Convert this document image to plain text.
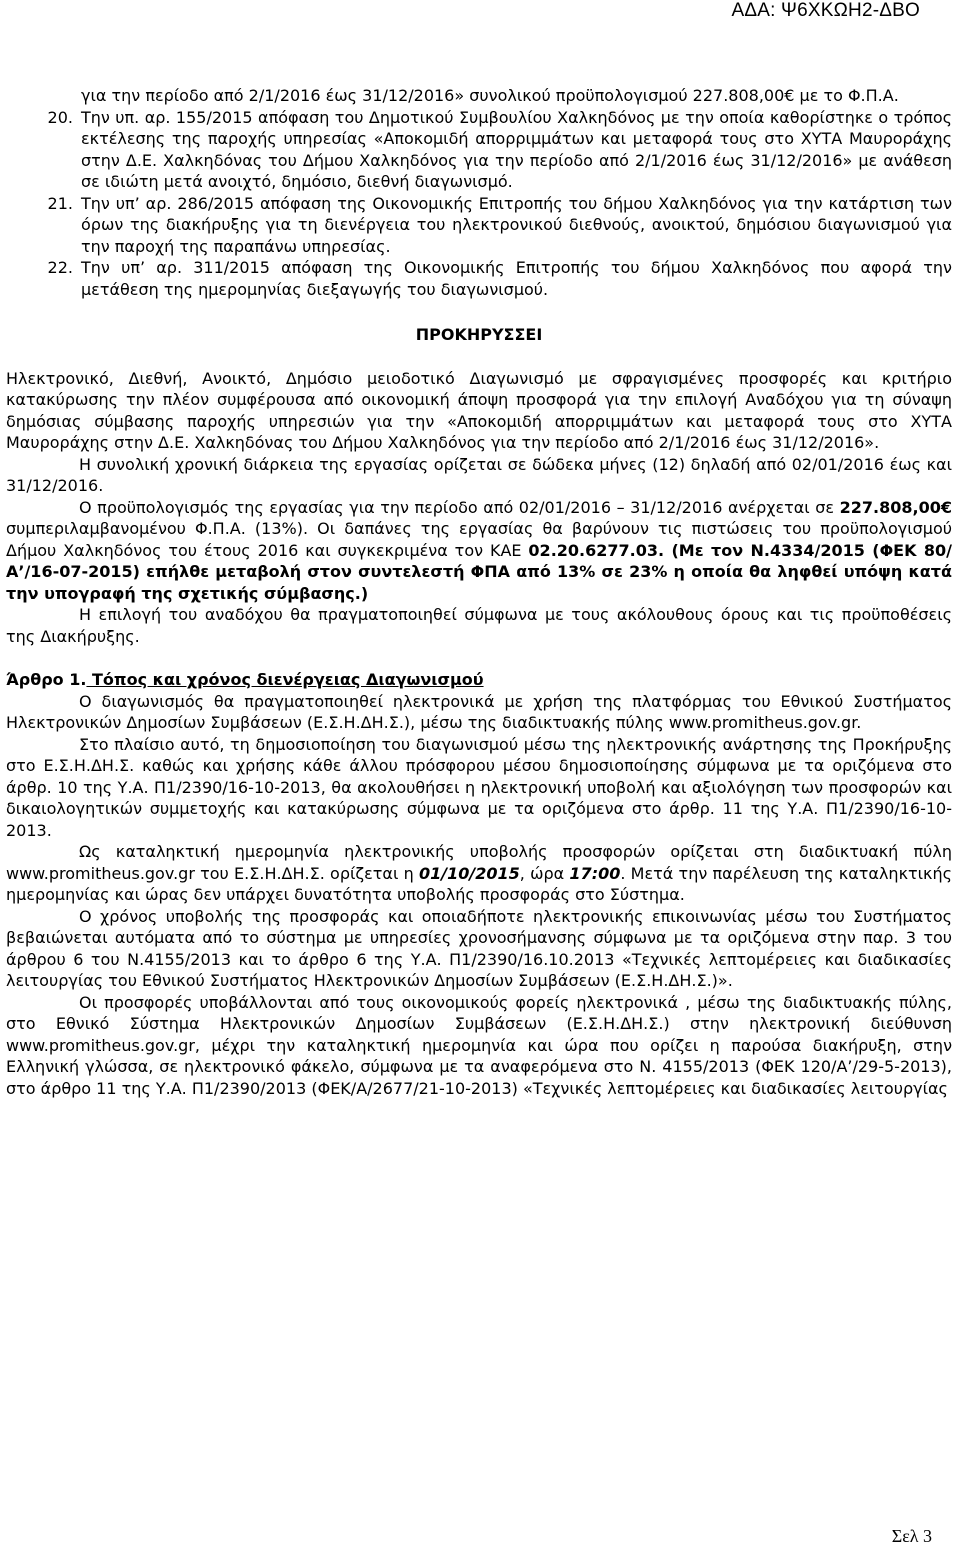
ΑΔΑ: Ψ6ΧΚΩΗ2-ΔΒΟ
για την περίοδο από 2/1/2016 έως 31/12/2016» συνολικού προϋπολογισμού 227.808,00€ με το Φ.Π.Α.
20. Την υπ. αρ. 155/2015 απόφαση του Δημοτικού Συμβουλίου Χαλκηδόνος με την οποία καθορίστηκε ο τρόπος εκτέλεσης της παροχής υπηρεσίας «Αποκομιδή απορριμμάτων και μεταφορά τους στο ΧΥΤΑ Μαυροράχης στην Δ.Ε. Χαλκηδόνας του Δήμου Χαλκηδόνος για την περίοδο από 2/1/2016 έως 31/12/2016» με ανάθεση σε ιδιώτη μετά ανοιχτό, δημόσιο, διεθνή διαγωνισμό.
21. Την υπ’ αρ. 286/2015 απόφαση της Οικονομικής Επιτροπής του δήμου Χαλκηδόνος για την κατάρτιση των όρων της διακήρυξης για τη διενέργεια του ηλεκτρονικού διεθνούς, ανοικτού, δημόσιου διαγωνισμού για την παροχή της παραπάνω υπηρεσίας.
22. Την υπ’ αρ. 311/2015 απόφαση της Οικονομικής Επιτροπής του δήμου Χαλκηδόνος που αφορά την μετάθεση της ημερομηνίας διεξαγωγής του διαγωνισμού.
ΠΡΟΚΗΡΥΣΣΕΙ

Ηλεκτρονικό, Διεθνή, Ανοικτό, Δημόσιο μειοδοτικό Διαγωνισμό με σφραγισμένες προσφορές και κριτήριο κατακύρωσης την πλέον συμφέρουσα από οικονομική άποψη προσφορά για την επιλογή Αναδόχου για τη σύναψη δημόσιας σύμβασης παροχής υπηρεσιών για την «Αποκομιδή απορριμμάτων και μεταφορά τους στο ΧΥΤΑ Μαυροράχης στην Δ.Ε. Χαλκηδόνας του Δήμου Χαλκηδόνος για την περίοδο από 2/1/2016 έως 31/12/2016».

Η συνολική χρονική διάρκεια της εργασίας ορίζεται σε δώδεκα μήνες (12) δηλαδή από 02/01/2016 έως και 31/12/2016.

Ο προϋπολογισμός της εργασίας για την περίοδο από 02/01/2016 – 31/12/2016 ανέρχεται σε 227.808,00€ συμπεριλαμβανομένου Φ.Π.Α. (13%). Οι δαπάνες της εργασίας θα βαρύνουν τις πιστώσεις του προϋπολογισμού Δήμου Χαλκηδόνος του έτους 2016 και συγκεκριμένα τον ΚΑΕ 02.20.6277.03. (Με τον Ν.4334/2015 (ΦΕΚ 80/Α’/16-07-2015) επήλθε μεταβολή στον συντελεστή ΦΠΑ από 13% σε 23% η οποία θα ληφθεί υπόψη κατά την υπογραφή της σχετικής σύμβασης.)

Η επιλογή του αναδόχου θα πραγματοποιηθεί σύμφωνα με τους ακόλουθους όρους και τις προϋποθέσεις της Διακήρυξης.

Άρθρο 1. Τόπος και χρόνος διενέργειας Διαγωνισμού

Ο διαγωνισμός θα πραγματοποιηθεί ηλεκτρονικά με χρήση της πλατφόρμας του Εθνικού Συστήματος Ηλεκτρονικών Δημοσίων Συμβάσεων (Ε.Σ.Η.ΔΗ.Σ.), μέσω της διαδικτυακής πύλης www.promitheus.gov.gr.

Στο πλαίσιο αυτό, τη δημοσιοποίηση του διαγωνισμού μέσω της ηλεκτρονικής ανάρτησης της Προκήρυξης στο Ε.Σ.Η.ΔΗ.Σ. καθώς και χρήσης κάθε άλλου πρόσφορου μέσου δημοσιοποίησης σύμφωνα με τα οριζόμενα στο άρθρ. 10 της Υ.Α. Π1/2390/16-10-2013, θα ακολουθήσει η ηλεκτρονική υποβολή και αξιολόγηση των προσφορών και δικαιολογητικών συμμετοχής και κατακύρωσης σύμφωνα με τα οριζόμενα στο άρθρ. 11 της Υ.Α. Π1/2390/16-10-2013.

Ως καταληκτική ημερομηνία ηλεκτρονικής υποβολής προσφορών ορίζεται στη διαδικτυακή πύλη www.promitheus.gov.gr του Ε.Σ.Η.ΔΗ.Σ. ορίζεται η 01/10/2015, ώρα 17:00. Μετά την παρέλευση της καταληκτικής ημερομηνίας και ώρας δεν υπάρχει δυνατότητα υποβολής προσφοράς στο Σύστημα.

Ο χρόνος υποβολής της προσφοράς και οποιαδήποτε ηλεκτρονικής επικοινωνίας μέσω του Συστήματος βεβαιώνεται αυτόματα από το σύστημα με υπηρεσίες χρονοσήμανσης σύμφωνα με τα οριζόμενα στην παρ. 3 του άρθρου 6 του Ν.4155/2013 και το άρθρο 6 της Υ.Α. Π1/2390/16.10.2013 «Τεχνικές λεπτομέρειες και διαδικασίες λειτουργίας του Εθνικού Συστήματος Ηλεκτρονικών Δημοσίων Συμβάσεων (Ε.Σ.Η.ΔΗ.Σ.)».

Οι προσφορές υποβάλλονται από τους οικονομικούς φορείς ηλεκτρονικά , μέσω της διαδικτυακής πύλης, στο Εθνικό Σύστημα Ηλεκτρονικών Δημοσίων Συμβάσεων (Ε.Σ.Η.ΔΗ.Σ.) στην ηλεκτρονική διεύθυνση www.promitheus.gov.gr, μέχρι την καταληκτική ημερομηνία και ώρα που ορίζει η παρούσα διακήρυξη, στην Ελληνική γλώσσα, σε ηλεκτρονικό φάκελο, σύμφωνα με τα αναφερόμενα στο Ν. 4155/2013 (ΦΕΚ 120/Α’/29-5-2013), στο άρθρο 11 της Υ.Α. Π1/2390/2013 (ΦΕΚ/Α/2677/21-10-2013) «Τεχνικές λεπτομέρειες και διαδικασίες λειτουργίας

Σελ 3
